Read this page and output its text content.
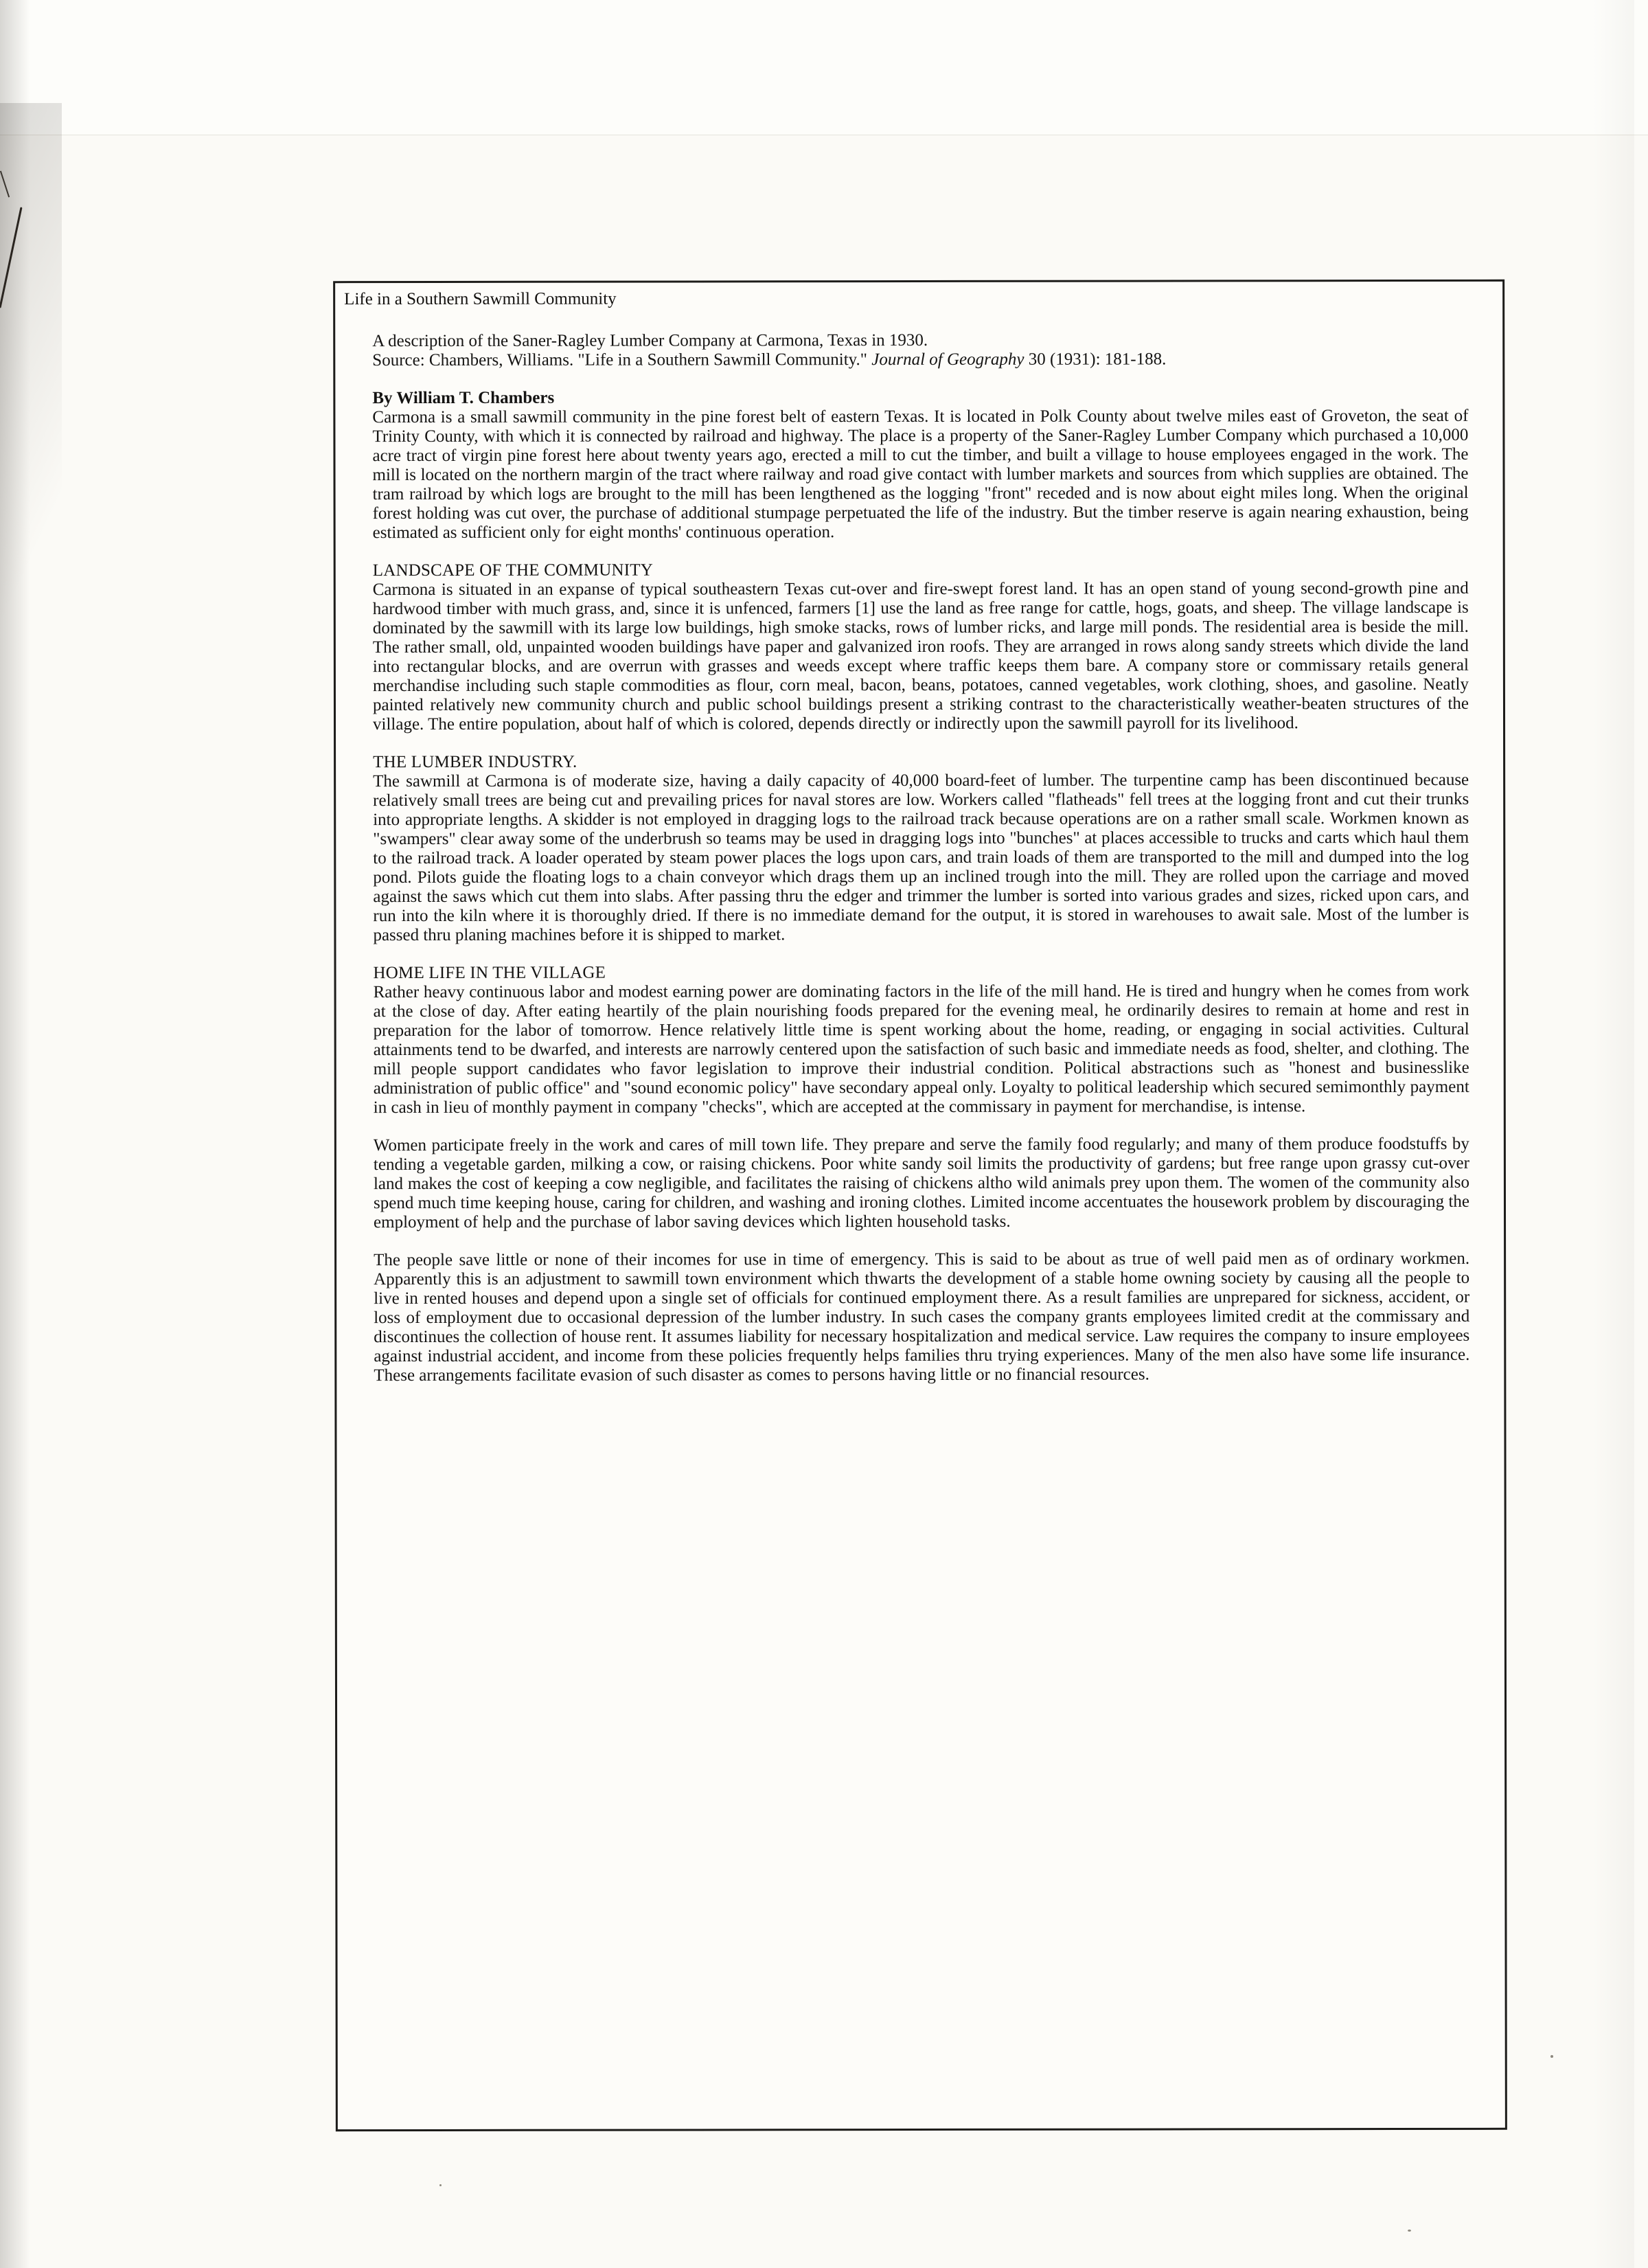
Life in a Southern Sawmill Community

A description of the Saner-Ragley Lumber Company at Carmona, Texas in 1930.

Source: Chambers, Williams. "Life in a Southern Sawmill Community." Journal of Geography 30 (1931): 181-188.

By William T. Chambers

Carmona is a small sawmill community in the pine forest belt of eastern Texas. It is located in Polk County about twelve miles east of Groveton, the seat of Trinity County, with which it is connected by railroad and highway. The place is a property of the Saner-Ragley Lumber Company which purchased a 10,000 acre tract of virgin pine forest here about twenty years ago, erected a mill to cut the timber, and built a village to house employees engaged in the work. The mill is located on the northern margin of the tract where railway and road give contact with lumber markets and sources from which supplies are obtained. The tram railroad by which logs are brought to the mill has been lengthened as the logging "front" receded and is now about eight miles long. When the original forest holding was cut over, the purchase of additional stumpage perpetuated the life of the industry. But the timber reserve is again nearing exhaustion, being estimated as sufficient only for eight months' continuous operation.

LANDSCAPE OF THE COMMUNITY

Carmona is situated in an expanse of typical southeastern Texas cut-over and fire-swept forest land. It has an open stand of young second-growth pine and hardwood timber with much grass, and, since it is unfenced, farmers [1] use the land as free range for cattle, hogs, goats, and sheep. The village landscape is dominated by the sawmill with its large low buildings, high smoke stacks, rows of lumber ricks, and large mill ponds. The residential area is beside the mill. The rather small, old, unpainted wooden buildings have paper and galvanized iron roofs. They are arranged in rows along sandy streets which divide the land into rectangular blocks, and are overrun with grasses and weeds except where traffic keeps them bare. A company store or commissary retails general merchandise including such staple commodities as flour, corn meal, bacon, beans, potatoes, canned vegetables, work clothing, shoes, and gasoline. Neatly painted relatively new community church and public school buildings present a striking contrast to the characteristically weather-beaten structures of the village. The entire population, about half of which is colored, depends directly or indirectly upon the sawmill payroll for its livelihood.

THE LUMBER INDUSTRY.

The sawmill at Carmona is of moderate size, having a daily capacity of 40,000 board-feet of lumber. The turpentine camp has been discontinued because relatively small trees are being cut and prevailing prices for naval stores are low. Workers called "flatheads" fell trees at the logging front and cut their trunks into appropriate lengths. A skidder is not employed in dragging logs to the railroad track because operations are on a rather small scale. Workmen known as "swampers" clear away some of the underbrush so teams may be used in dragging logs into "bunches" at places accessible to trucks and carts which haul them to the railroad track. A loader operated by steam power places the logs upon cars, and train loads of them are transported to the mill and dumped into the log pond. Pilots guide the floating logs to a chain conveyor which drags them up an inclined trough into the mill. They are rolled upon the carriage and moved against the saws which cut them into slabs. After passing thru the edger and trimmer the lumber is sorted into various grades and sizes, ricked upon cars, and run into the kiln where it is thoroughly dried. If there is no immediate demand for the output, it is stored in warehouses to await sale. Most of the lumber is passed thru planing machines before it is shipped to market.

HOME LIFE IN THE VILLAGE

Rather heavy continuous labor and modest earning power are dominating factors in the life of the mill hand. He is tired and hungry when he comes from work at the close of day. After eating heartily of the plain nourishing foods prepared for the evening meal, he ordinarily desires to remain at home and rest in preparation for the labor of tomorrow. Hence relatively little time is spent working about the home, reading, or engaging in social activities. Cultural attainments tend to be dwarfed, and interests are narrowly centered upon the satisfaction of such basic and immediate needs as food, shelter, and clothing. The mill people support candidates who favor legislation to improve their industrial condition. Political abstractions such as "honest and businesslike administration of public office" and "sound economic policy" have secondary appeal only. Loyalty to political leadership which secured semimonthly payment in cash in lieu of monthly payment in company "checks", which are accepted at the commissary in payment for merchandise, is intense.

Women participate freely in the work and cares of mill town life. They prepare and serve the family food regularly; and many of them produce foodstuffs by tending a vegetable garden, milking a cow, or raising chickens. Poor white sandy soil limits the productivity of gardens; but free range upon grassy cut-over land makes the cost of keeping a cow negligible, and facilitates the raising of chickens altho wild animals prey upon them. The women of the community also spend much time keeping house, caring for children, and washing and ironing clothes. Limited income accentuates the housework problem by discouraging the employment of help and the purchase of labor saving devices which lighten household tasks.

The people save little or none of their incomes for use in time of emergency. This is said to be about as true of well paid men as of ordinary workmen. Apparently this is an adjustment to sawmill town environment which thwarts the development of a stable home owning society by causing all the people to live in rented houses and depend upon a single set of officials for continued employment there. As a result families are unprepared for sickness, accident, or loss of employment due to occasional depression of the lumber industry. In such cases the company grants employees limited credit at the commissary and discontinues the collection of house rent. It assumes liability for necessary hospitalization and medical service. Law requires the company to insure employees against industrial accident, and income from these policies frequently helps families thru trying experiences. Many of the men also have some life insurance. These arrangements facilitate evasion of such disaster as comes to persons having little or no financial resources.
